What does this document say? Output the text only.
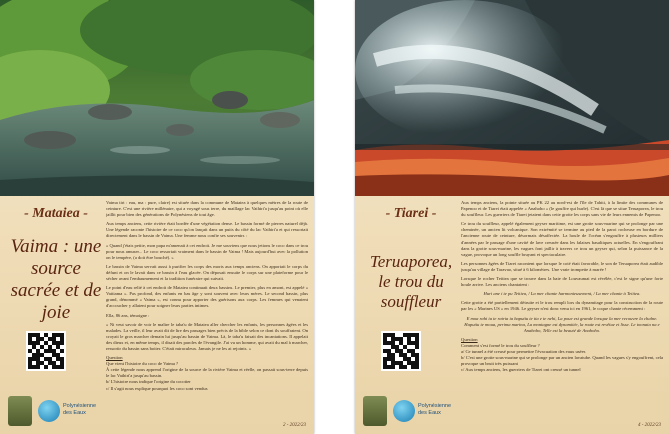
- Mataiea -
Vaima : une source sacrée et de joie
Polynésienne
des Eaux

Vaima tiri : eau, ma : pure, claire) est située dans la commune de Mataiea à quelques mètres de la route de ceinture. C'est une rivière millénaire, qui a voyagé sous terre, du maillage lac Vaihiri'a jusqu'au point où elle jaillit pour bien des générations de Polynésiens de tout âge.

Aux temps anciens, cette rivière était bordée d'une végétation dense. Le bassin formé de pierres naturel déjà. Une légende raconte l'histoire de ce coco qu'on lançait dans un puits du côté du lac Vaihiri'a et qui ressortait directement dans le bassin de Vaima. Une femme nous confie ses souvenirs :

« Quand j'étais petite, mon papa m'amenait à cet endroit. Je me souviens que nous jetions le coco dans ce trou pour nous amuser... Le coco ressortait vraiment dans le bassin de Vaima ! Mais aujourd'hui avec la pollution on le tempère, (a doit être bouché). »

Le bassin de Vaima servait aussi à purifier les corps des morts aux temps anciens. On apportait le corps du défunt et on le lavait dans ce bassin à l'eau glacée. On déposait ensuite le corps sur une plateforme pour le sécher avant l'embaumement et la tradition funéraire qui suivait.

Le point d'eau relié à cet endroit de Mataiea continuait deux bassins. Le premier, plus en amont, est appelé « Vaitiama ». Pas profond, des enfants en bas âge y sont souvent avec leurs mères. Le second bassin, plus grand, dénommé « Vaima », est connu pour apporter des guérisons aux corps. Les femmes qui venaient d'accoucher y allaient pour soigner leurs parties intimes.

Ella, 86 ans, témoigne :

« Ni veut savoir de voir le maître le taba'u de Mataiea aller chercher les enfants, les personnes âgées et les malades. La veille, il leur avait dit de lire des passages bien précis de la bible selon ce dont ils souffraient. On croyait le gros marcher demain lui jusqu'au bassin de Vaima. Là, le taba'u faisait des incantations. Il appelait des dieux et, en même temps, il disait des paroles de l'évangile. J'ai vu un homme, qui avait du mal à marcher, ressortir du bassin sans boiter. C'était miraculeux. Jamais je ne les ai rejoints. »

Question

Que vient l'histoire du coco de Vaima ?
À cette légende nous apprend l'origine de la source de la rivière Vaima et réelle, on passait sous-terre depuis le lac Vaihiri'a jusqu'au bassin.
b/ L'histoire nous indique l'origine du cocotier
c/ Il s'agit nous explique pourquoi les coco sont vendus
2 - 2022/23
- Tiarei -
Teruaporea, le trou du souffleur
Polynésienne
des Eaux

Aux temps anciens, la pointe située au PK 22 au nord-est de l'île de Tahiti, à la limite des communes de Papenoo et de Tiarei était appelée « Anahoho » (le gouffre qui hurle). C'est là que se situe Teruaporea, le trou du souffleur. Les guerriers de Tiarei jetaient dans cette grotte les corps sans vie de leurs ennemis de Papenoo.

Ce trou du souffleur, appelé également geyser maritime, est une grotte sous-marine qui se prolonge par une cheminée, un ancien lit volcanique. Son extrémité se termine au pied de la paroi rocheuse en bordure de l'ancienne route de ceinture, désormais désaffectée. La houle de l'océan s'engouffre à plusieurs milliers d'années par le passage d'une cavité de lave creusée dans les falaises basaltiques actuelles. En s'engouffrant dans la grotte sous-marine, les vagues font jaillir à travers ce trou un geyser qui, selon la puissance de la vague, provoque un long souffle bruyant et spectaculaire.

Les personnes âgées de Tiarei racontent que lorsque le coté était favorable, le son de Teruaporea était audible jusqu'au village de Taravao, situé à 6 kilomètres. Une vraie trompette à marée !

Lorsque le rocher Teitiea que se trouve dans la baie de Louvaumai est révélée, c'est le signe qu'une forte houle arrive. Les anciens chantaient :

Huri ane i te pu Teitiea, / La mer chante harmonieusement, / La mer chante à Teitiea.

Cette grotte a été partiellement détruite et le trou rempli lors du dynamitage pour la construction de la route par les « Marines US » en 1946. Le geyser n'est donc venu ici en 1961, le coque chante récemment :

E moa rahi ia te rairia ia haputiu te tia e te nehi, La poue est grande lorsque la mer recouvre la chaîne. Haputiu te moua, perima marina, La montagne est dynamitée, la route est revêtue et lisse. Le toonaia na e Anahoho, Telle est la beauté de Anahoho.

Question

Comment s'est formé le trou du souffleur ?
a/ Ce tunnel a été creusé pour permettre l'évacuation des eaux usées
b/ C'est une grotte sous-marine qui se prolonge par un ancien lavatube. Quand les vagues s'y engouffrent, cela provoque un bruit très puissant
c/ Aux temps anciens, les guerriers de Tiarei ont creusé un tunnel
4 - 2022/23
